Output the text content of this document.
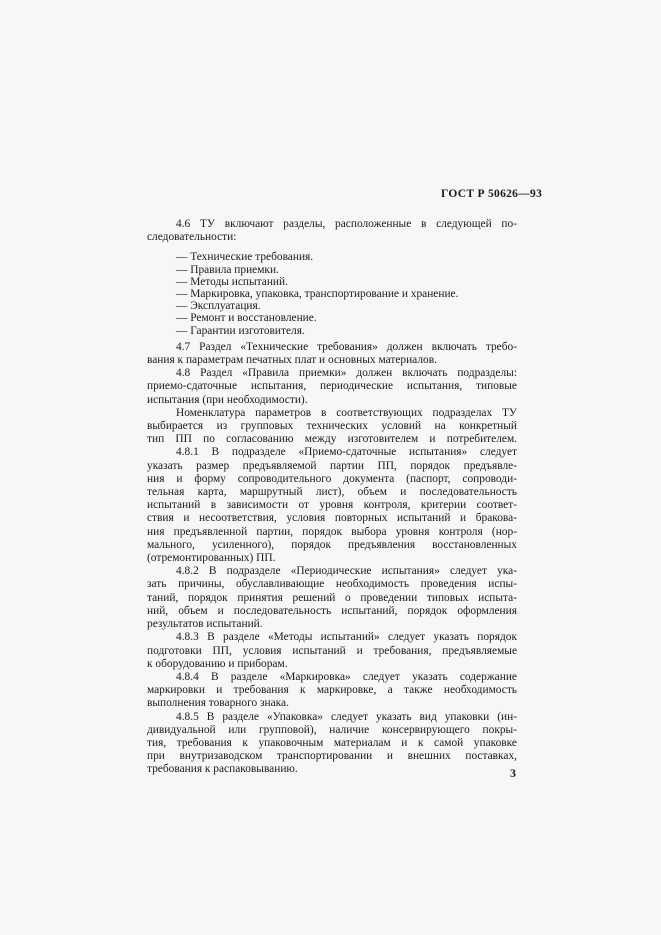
ГОСТ Р 50626—93

4.6 ТУ включают разделы, расположенные в следующей по-
следовательности:

— Технические требования.
— Правила приемки.
— Методы испытаний.
— Маркировка, упаковка, транспортирование и хранение.
— Эксплуатация.
— Ремонт и восстановление.
— Гарантии изготовителя.

4.7 Раздел «Технические требования» должен включать требо-
вания к параметрам печатных плат и основных материалов.

4.8 Раздел «Правила приемки» должен включать подразделы:
приемо-сдаточные испытания, периодические испытания, типовые
испытания (при необходимости).

Номенклатура параметров в соответствующих подразделах ТУ
выбирается из групповых технических условий на конкретный
тип ПП по согласованию между изготовителем и потребителем.

4.8.1 В подразделе «Приемо-сдаточные испытания» следует
указать размер предъявляемой партии ПП, порядок предъявле-
ния и форму сопроводительного документа (паспорт, сопроводи-
тельная карта, маршрутный лист), объем и последовательность
испытаний в зависимости от уровня контроля, критерии соответ-
ствия и несоответствия, условия повторных испытаний и бракова-
ния предъявленной партии, порядок выбора уровня контроля (нор-
мального, усиленного), порядок предъявления восстановленных
(отремонтированных) ПП.

4.8.2 В подразделе «Периодические испытания» следует ука-
зать причины, обуславливающие необходимость проведения испы-
таний, порядок принятия решений о проведении типовых испыта-
ний, объем и последовательность испытаний, порядок оформления
результатов испытаний.

4.8.3 В разделе «Методы испытаний» следует указать порядок
подготовки ПП, условия испытаний и требования, предъявляемые
к оборудованию и приборам.

4.8.4 В разделе «Маркировка» следует указать содержание
маркировки и требования к маркировке, а также необходимость
выполнения товарного знака.

4.8.5 В разделе «Упаковка» следует указать вид упаковки (ин-
дивидуальной или групповой), наличие консервирующего покры-
тия, требования к упаковочным материалам и к самой упаковке
при внутризаводском транспортировании и внешних поставках,
требования к распаковыванию.	3
